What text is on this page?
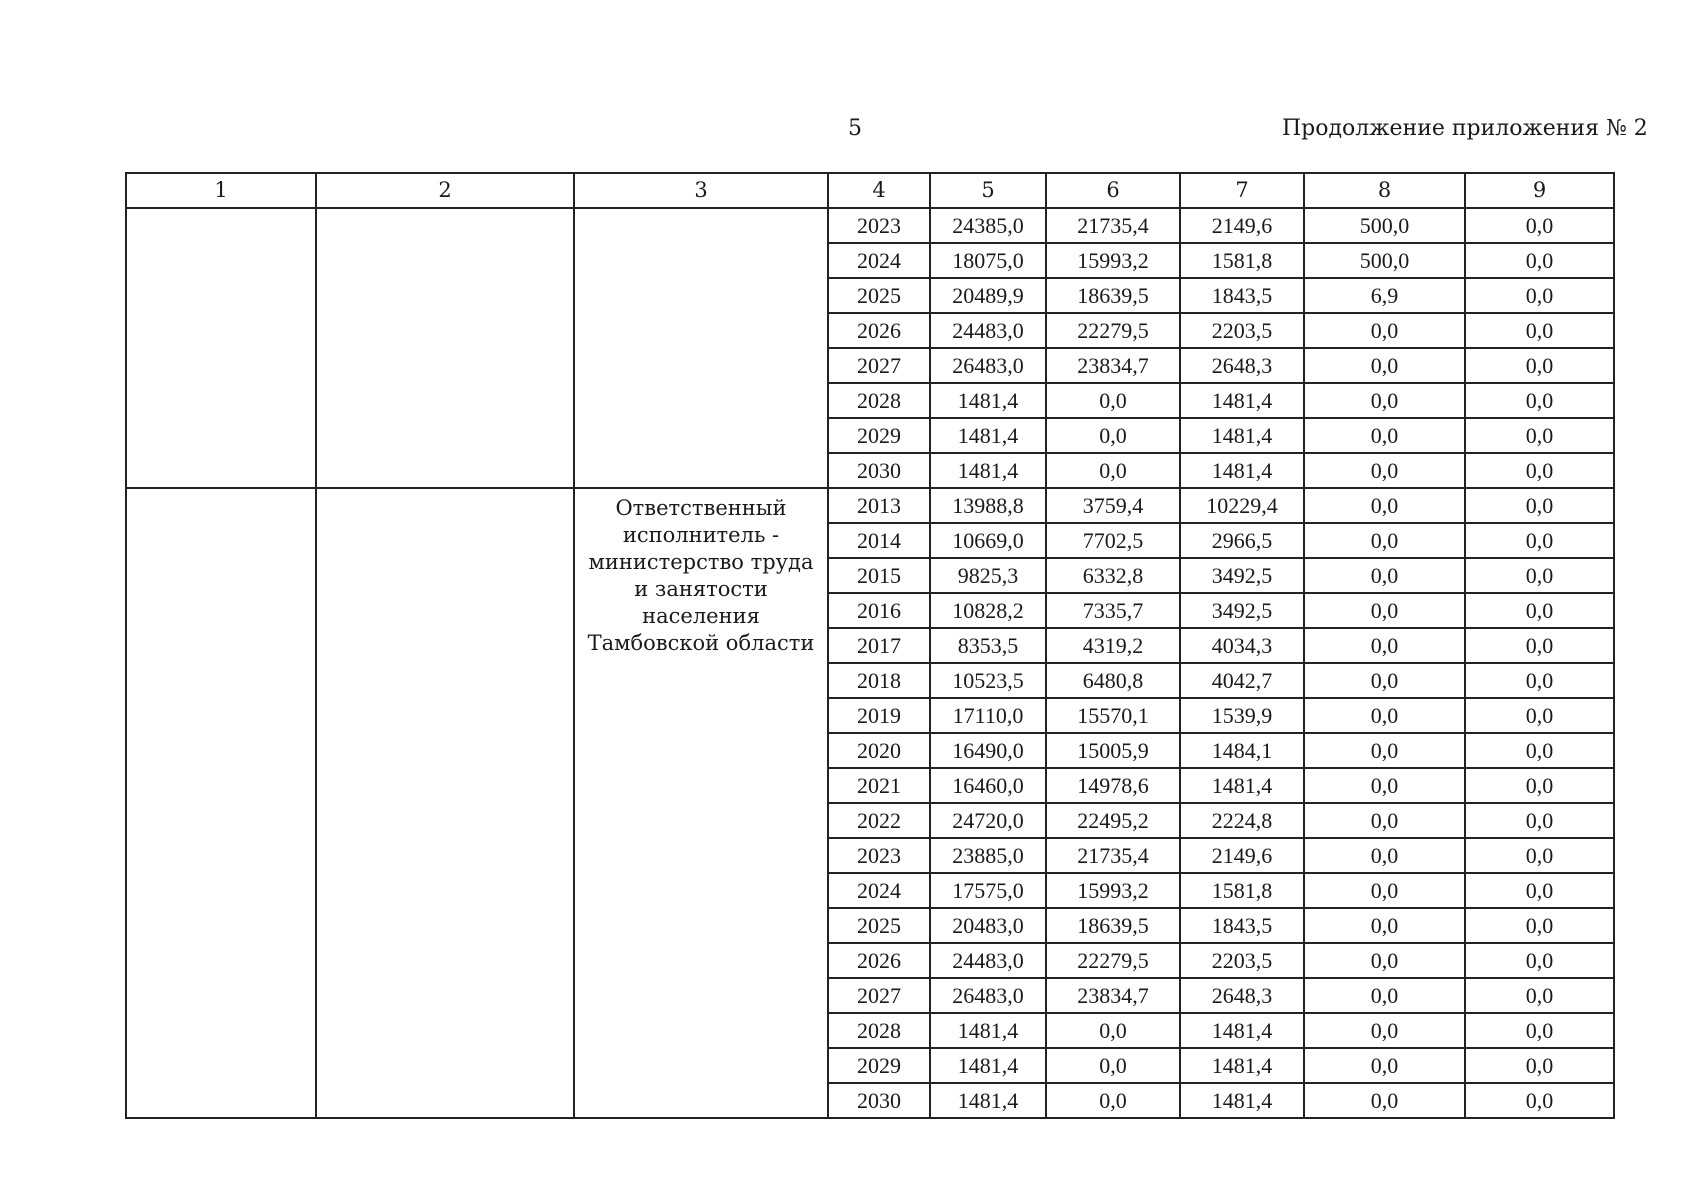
5	Продолжение приложения № 2
1	2	3	4	5	6	7	8	9
			2023	24385,0	21735,4	2149,6	500,0	0,0
			2024	18075,0	15993,2	1581,8	500,0	0,0
			2025	20489,9	18639,5	1843,5	6,9	0,0
			2026	24483,0	22279,5	2203,5	0,0	0,0
			2027	26483,0	23834,7	2648,3	0,0	0,0
			2028	1481,4	0,0	1481,4	0,0	0,0
			2029	1481,4	0,0	1481,4	0,0	0,0
			2030	1481,4	0,0	1481,4	0,0	0,0
		Ответственный исполнитель - министерство труда и занятости населения Тамбовской области	2013	13988,8	3759,4	10229,4	0,0	0,0
			2014	10669,0	7702,5	2966,5	0,0	0,0
			2015	9825,3	6332,8	3492,5	0,0	0,0
			2016	10828,2	7335,7	3492,5	0,0	0,0
			2017	8353,5	4319,2	4034,3	0,0	0,0
			2018	10523,5	6480,8	4042,7	0,0	0,0
			2019	17110,0	15570,1	1539,9	0,0	0,0
			2020	16490,0	15005,9	1484,1	0,0	0,0
			2021	16460,0	14978,6	1481,4	0,0	0,0
			2022	24720,0	22495,2	2224,8	0,0	0,0
			2023	23885,0	21735,4	2149,6	0,0	0,0
			2024	17575,0	15993,2	1581,8	0,0	0,0
			2025	20483,0	18639,5	1843,5	0,0	0,0
			2026	24483,0	22279,5	2203,5	0,0	0,0
			2027	26483,0	23834,7	2648,3	0,0	0,0
			2028	1481,4	0,0	1481,4	0,0	0,0
			2029	1481,4	0,0	1481,4	0,0	0,0
			2030	1481,4	0,0	1481,4	0,0	0,0
